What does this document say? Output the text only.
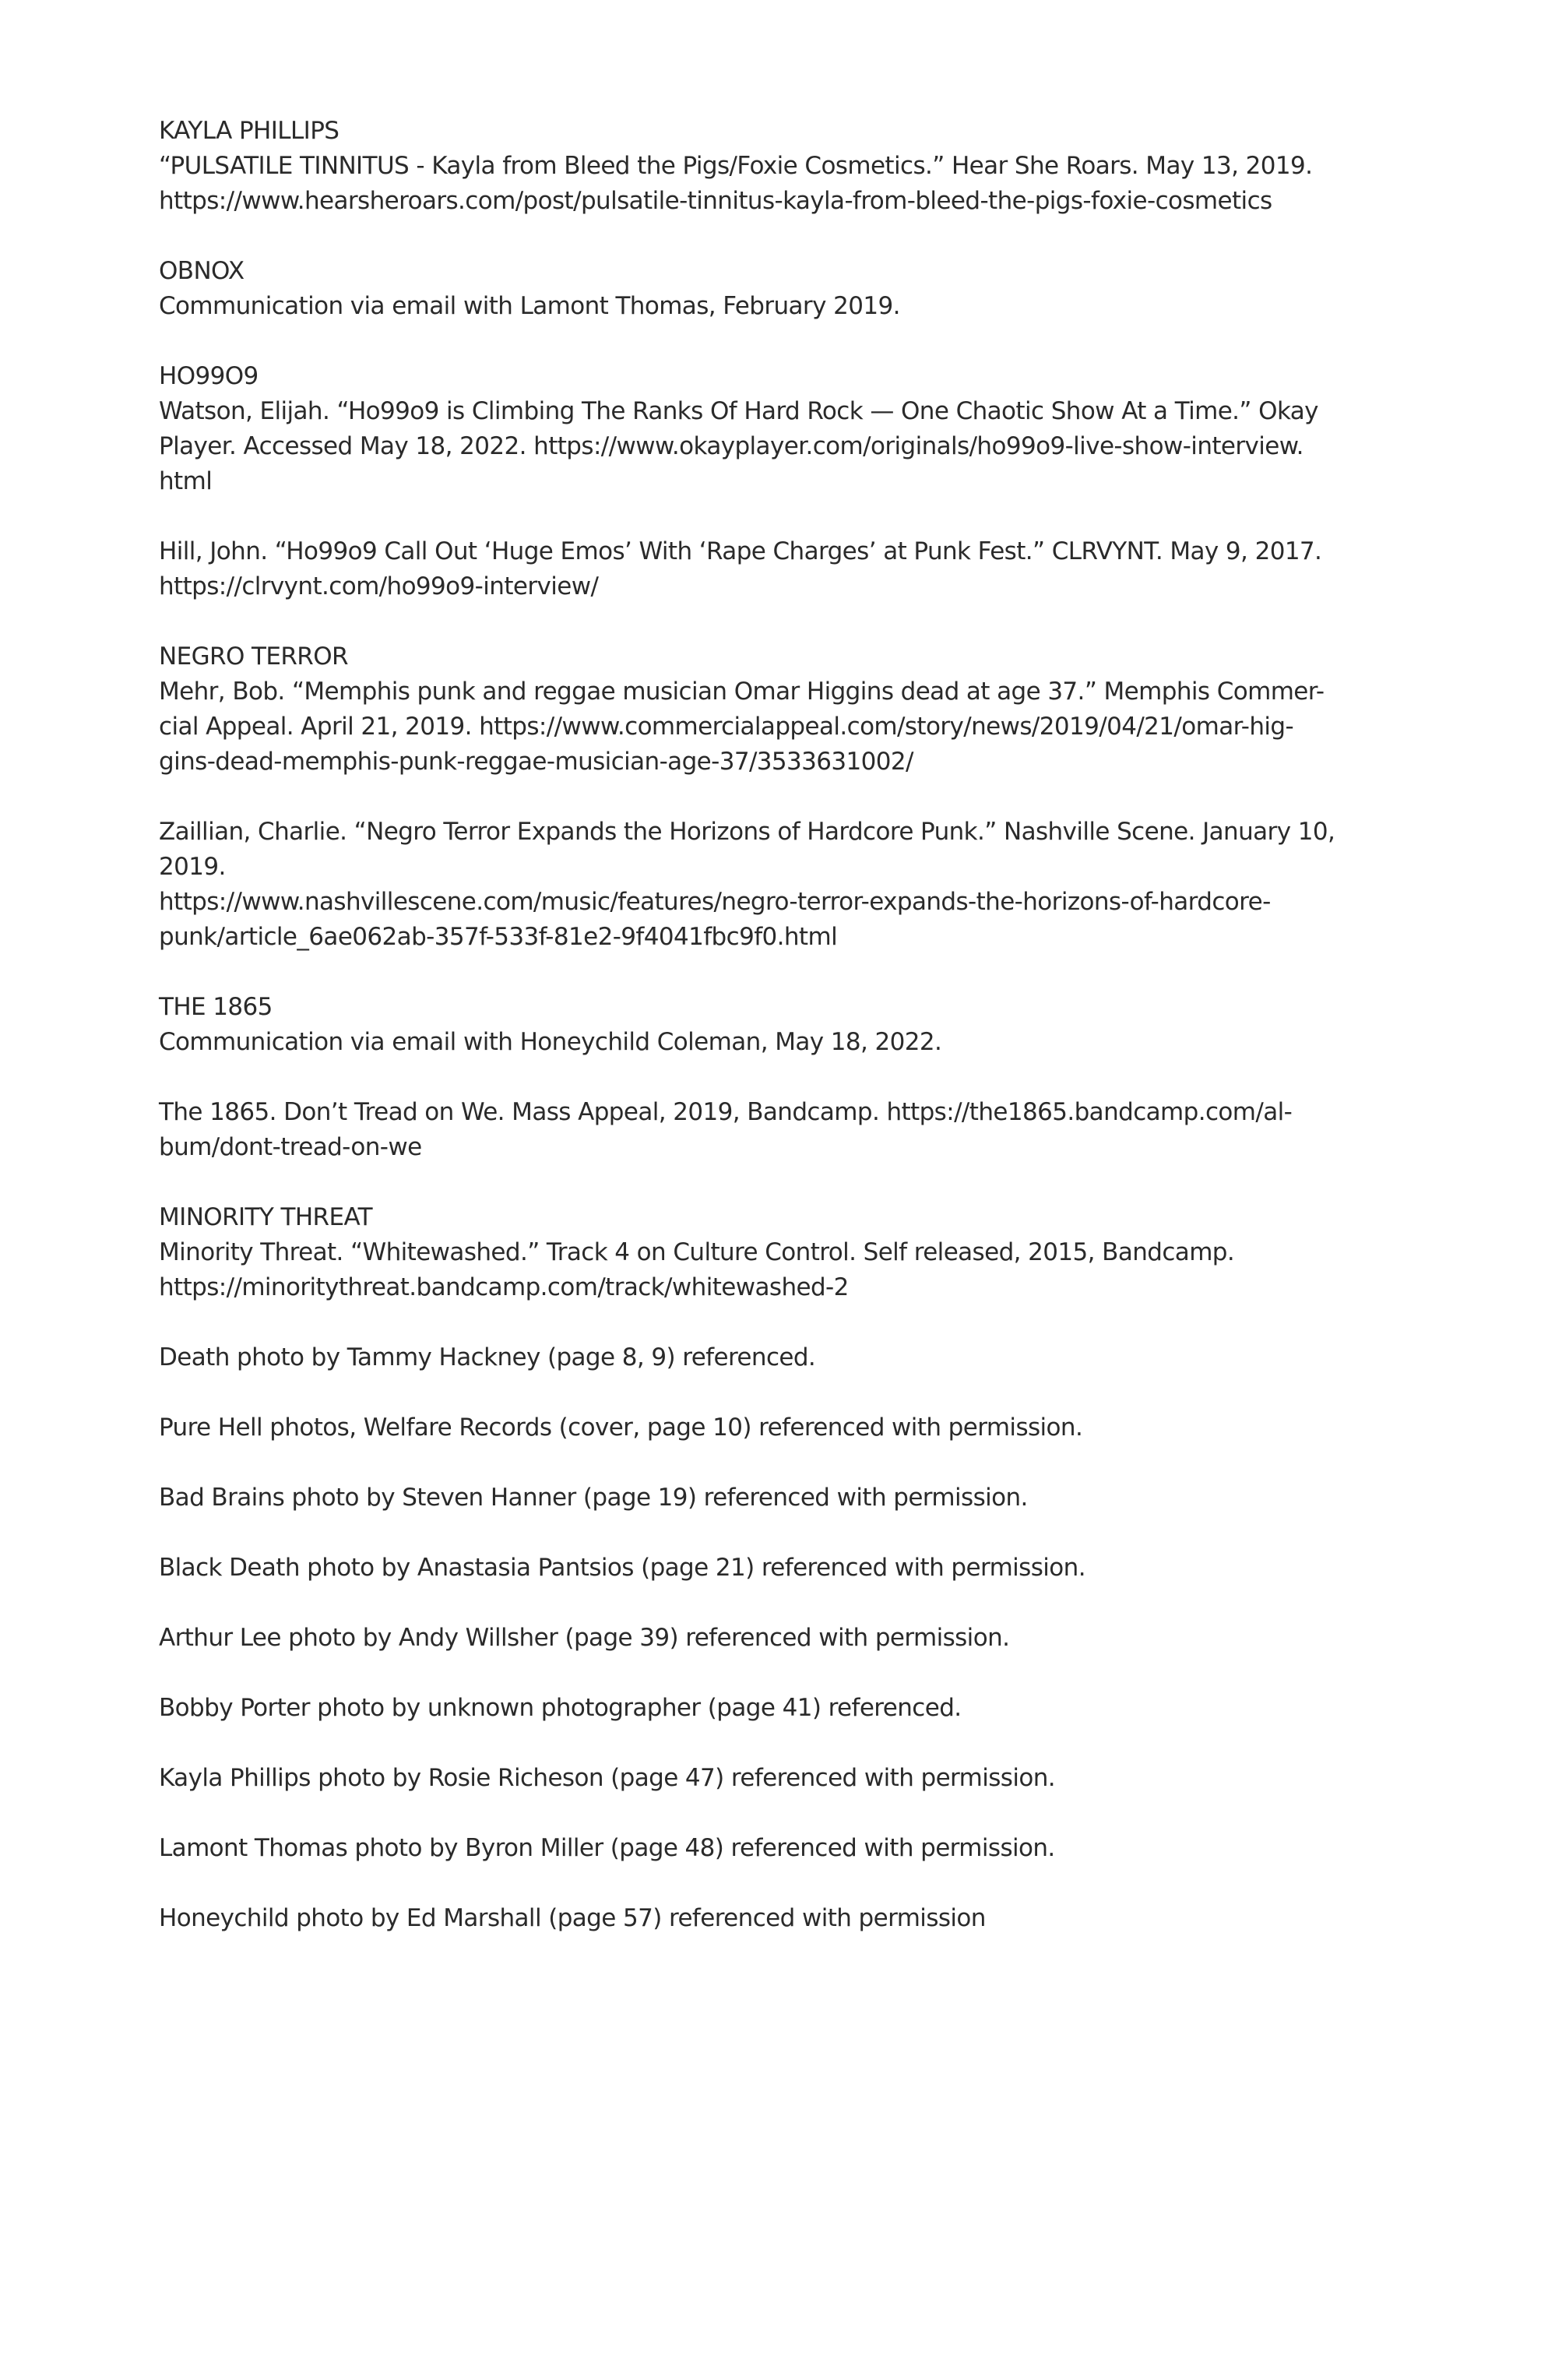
KAYLA PHILLIPS
“PULSATILE TINNITUS - Kayla from Bleed the Pigs/Foxie Cosmetics.” Hear She Roars. May 13, 2019.
https://www.hearsheroars.com/post/pulsatile-tinnitus-kayla-from-bleed-the-pigs-foxie-cosmetics
OBNOX
Communication via email with Lamont Thomas, February 2019.
HO99O9
Watson, Elijah. “Ho99o9 is Climbing The Ranks Of Hard Rock — One Chaotic Show At a Time.” Okay
Player. Accessed May 18, 2022. https://www.okayplayer.com/originals/ho99o9-live-show-interview.
html
Hill, John. “Ho99o9 Call Out ‘Huge Emos’ With ‘Rape Charges’ at Punk Fest.” CLRVYNT. May 9, 2017.
https://clrvynt.com/ho99o9-interview/
NEGRO TERROR
Mehr, Bob. “Memphis punk and reggae musician Omar Higgins dead at age 37.” Memphis Commer-
cial Appeal. April 21, 2019. https://www.commercialappeal.com/story/news/2019/04/21/omar-hig-
gins-dead-memphis-punk-reggae-musician-age-37/3533631002/
Zaillian, Charlie. “Negro Terror Expands the Horizons of Hardcore Punk.” Nashville Scene. January 10,
2019.
https://www.nashvillescene.com/music/features/negro-terror-expands-the-horizons-of-hardcore-
punk/article_6ae062ab-357f-533f-81e2-9f4041fbc9f0.html
THE 1865
Communication via email with Honeychild Coleman, May 18, 2022.
The 1865. Don’t Tread on We. Mass Appeal, 2019, Bandcamp. https://the1865.bandcamp.com/al-
bum/dont-tread-on-we
MINORITY THREAT
Minority Threat. “Whitewashed.” Track 4 on Culture Control. Self released, 2015, Bandcamp.
https://minoritythreat.bandcamp.com/track/whitewashed-2
Death photo by Tammy Hackney (page 8, 9) referenced.
Pure Hell photos, Welfare Records (cover, page 10) referenced with permission.
Bad Brains photo by Steven Hanner (page 19) referenced with permission.
Black Death photo by Anastasia Pantsios (page 21) referenced with permission.
Arthur Lee photo by Andy Willsher (page 39) referenced with permission.
Bobby Porter photo by unknown photographer (page 41) referenced.
Kayla Phillips photo by Rosie Richeson (page 47) referenced with permission.
Lamont Thomas photo by Byron Miller (page 48) referenced with permission.
Honeychild photo by Ed Marshall (page 57) referenced with permission
